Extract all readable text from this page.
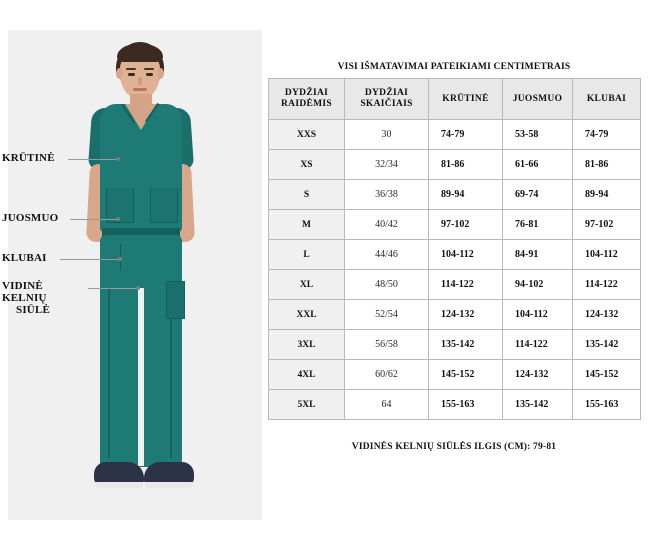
KRŪTINĖ
JUOSMUO
KLUBAI
VIDINĖ KELNIŲ
SIŪLĖ
VISI IŠMATAVIMAI PATEIKIAMI CENTIMETRAIS
DYDŽIAI RAIDĖMIS	DYDŽIAI SKAIČIAIS	KRŪTINĖ	JUOSMUO	KLUBAI
XXS	30	74-79	53-58	74-79
XS	32/34	81-86	61-66	81-86
S	36/38	89-94	69-74	89-94
M	40/42	97-102	76-81	97-102
L	44/46	104-112	84-91	104-112
XL	48/50	114-122	94-102	114-122
XXL	52/54	124-132	104-112	124-132
3XL	56/58	135-142	114-122	135-142
4XL	60/62	145-152	124-132	145-152
5XL	64	155-163	135-142	155-163
VIDINĖS KELNIŲ SIŪLĖS ILGIS (CM): 79-81
